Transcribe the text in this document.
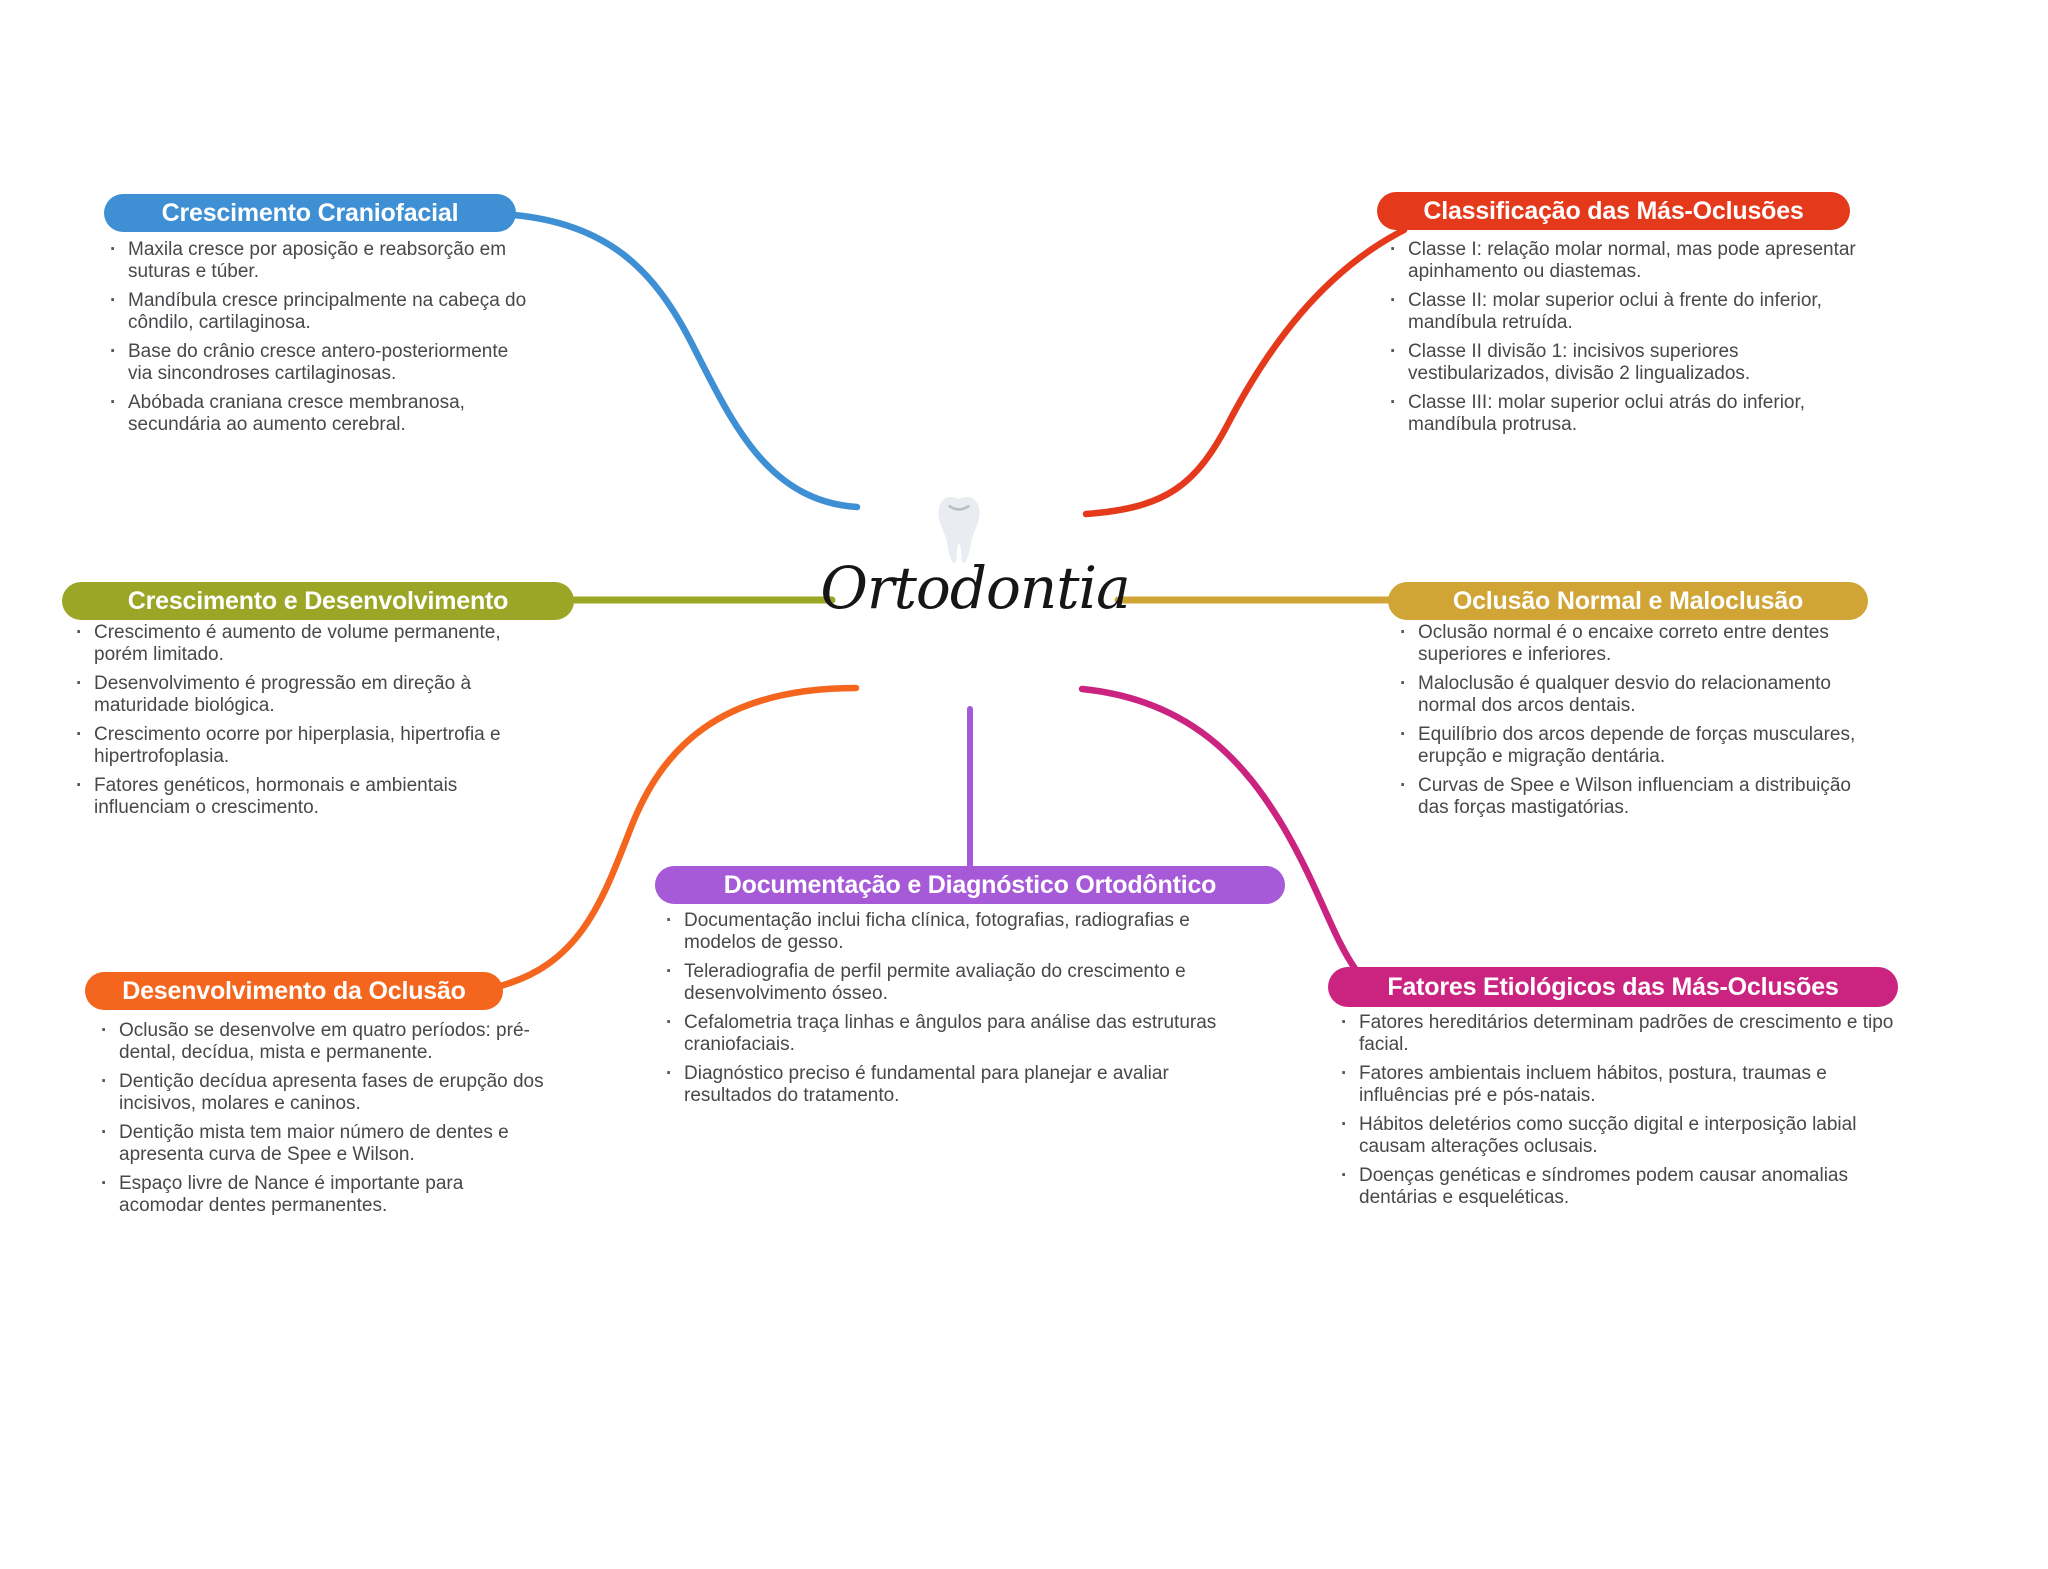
Ortodontia
Crescimento Craniofacial
· Maxila cresce por aposição e reabsorção em suturas e túber.
· Mandíbula cresce principalmente na cabeça do côndilo, cartilaginosa.
· Base do crânio cresce antero-posteriormente via sincondroses cartilaginosas.
· Abóbada craniana cresce membranosa, secundária ao aumento cerebral.
Classificação das Más-Oclusões
· Classe I: relação molar normal, mas pode apresentar apinhamento ou diastemas.
· Classe II: molar superior oclui à frente do inferior, mandíbula retruída.
· Classe II divisão 1: incisivos superiores vestibularizados, divisão 2 lingualizados.
· Classe III: molar superior oclui atrás do inferior, mandíbula protrusa.
Crescimento e Desenvolvimento
· Crescimento é aumento de volume permanente, porém limitado.
· Desenvolvimento é progressão em direção à maturidade biológica.
· Crescimento ocorre por hiperplasia, hipertrofia e hipertrofoplasia.
· Fatores genéticos, hormonais e ambientais influenciam o crescimento.
Oclusão Normal e Maloclusão
· Oclusão normal é o encaixe correto entre dentes superiores e inferiores.
· Maloclusão é qualquer desvio do relacionamento normal dos arcos dentais.
· Equilíbrio dos arcos depende de forças musculares, erupção e migração dentária.
· Curvas de Spee e Wilson influenciam a distribuição das forças mastigatórias.
Desenvolvimento da Oclusão
· Oclusão se desenvolve em quatro períodos: pré-dental, decídua, mista e permanente.
· Dentição decídua apresenta fases de erupção dos incisivos, molares e caninos.
· Dentição mista tem maior número de dentes e apresenta curva de Spee e Wilson.
· Espaço livre de Nance é importante para acomodar dentes permanentes.
Documentação e Diagnóstico Ortodôntico
· Documentação inclui ficha clínica, fotografias, radiografias e modelos de gesso.
· Teleradiografia de perfil permite avaliação do crescimento e desenvolvimento ósseo.
· Cefalometria traça linhas e ângulos para análise das estruturas craniofaciais.
· Diagnóstico preciso é fundamental para planejar e avaliar resultados do tratamento.
Fatores Etiológicos das Más-Oclusões
· Fatores hereditários determinam padrões de crescimento e tipo facial.
· Fatores ambientais incluem hábitos, postura, traumas e influências pré e pós-natais.
· Hábitos deletérios como sucção digital e interposição labial causam alterações oclusais.
· Doenças genéticas e síndromes podem causar anomalias dentárias e esqueléticas.
